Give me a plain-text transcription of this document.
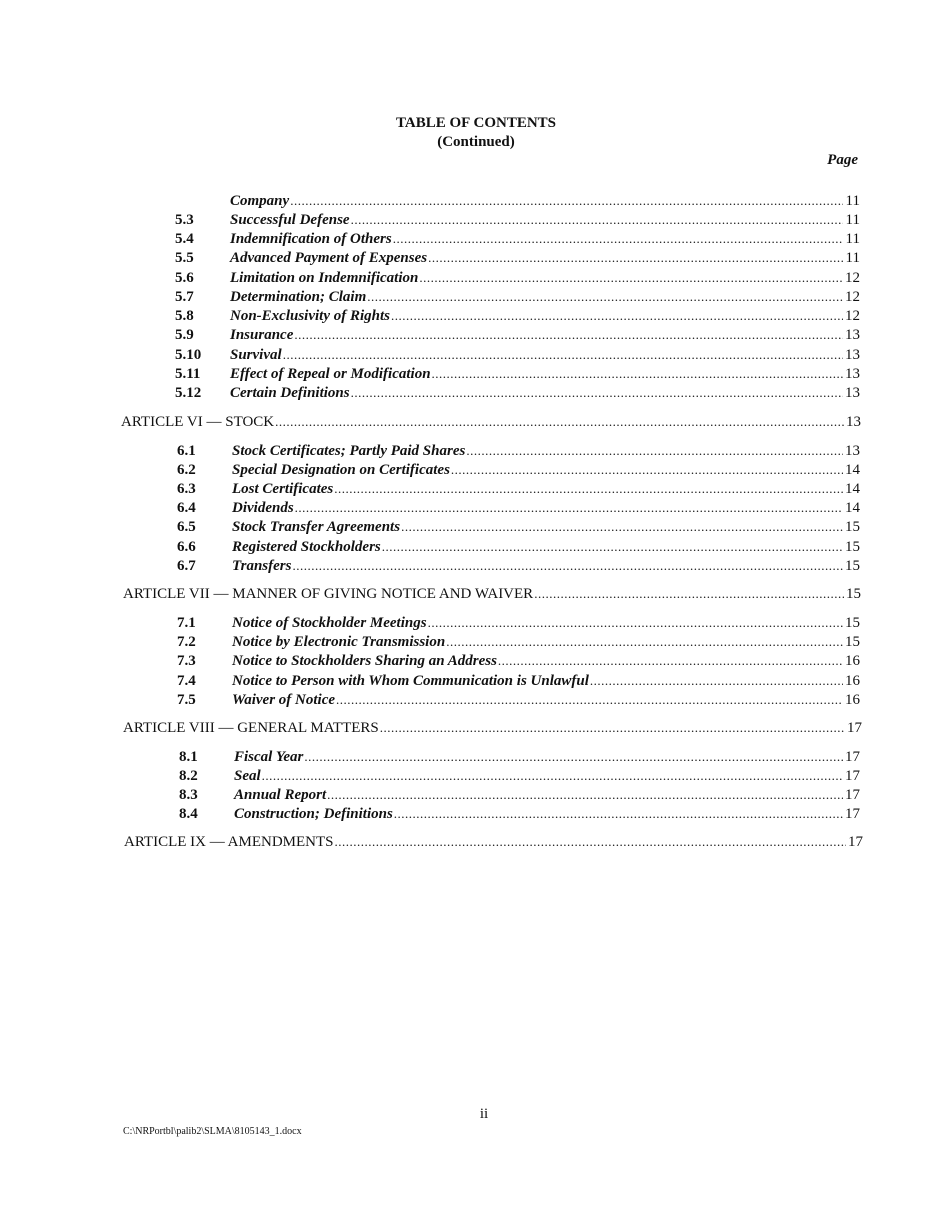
TABLE OF CONTENTS
(Continued)
Page
Company .....	11
5.3	Successful Defense .....	11
5.4	Indemnification of Others .....	11
5.5	Advanced Payment of Expenses .....	11
5.6	Limitation on Indemnification .....	12
5.7	Determination; Claim .....	12
5.8	Non-Exclusivity of Rights .....	12
5.9	Insurance .....	13
5.10	Survival .....	13
5.11	Effect of Repeal or Modification .....	13
5.12	Certain Definitions .....	13
ARTICLE VI — STOCK .....	13
6.1	Stock Certificates; Partly Paid Shares .....	13
6.2	Special Designation on Certificates .....	14
6.3	Lost Certificates .....	14
6.4	Dividends .....	14
6.5	Stock Transfer Agreements .....	15
6.6	Registered Stockholders .....	15
6.7	Transfers .....	15
ARTICLE VII — MANNER OF GIVING NOTICE AND WAIVER .....	15
7.1	Notice of Stockholder Meetings .....	15
7.2	Notice by Electronic Transmission .....	15
7.3	Notice to Stockholders Sharing an Address .....	16
7.4	Notice to Person with Whom Communication is Unlawful .....	16
7.5	Waiver of Notice .....	16
ARTICLE VIII — GENERAL MATTERS .....	17
8.1	Fiscal Year .....	17
8.2	Seal .....	17
8.3	Annual Report .....	17
8.4	Construction; Definitions .....	17
ARTICLE IX — AMENDMENTS .....	17
ii
C:\NRPortbl\palib2\SLMA\8105143_1.docx
